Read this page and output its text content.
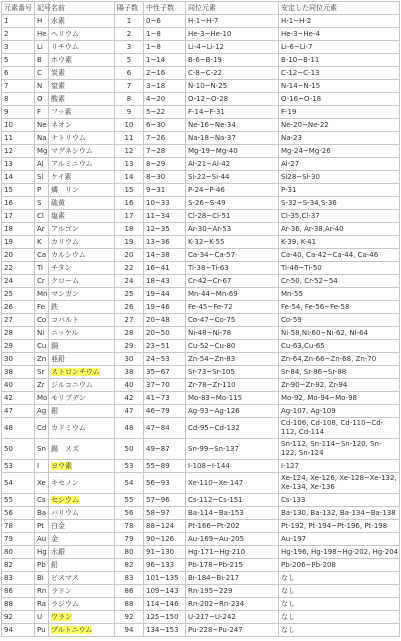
元素番号	記号	名前	陽子数	中性子数	同位元素	安定した同位元素
1	H	水素	1	0~6	H-1~H-7	H-1~H-2
2	He	ヘリウム	2	1~8	He-3~He-10	He-3~He-4
3	Li	リチウム	3	1~8	Li-4~Li-12	Li-6~Li-7
5	B	ホウ素	5	1~14	B-6~B-19	B-10~B-11
6	C	炭素	6	2~16	C-8~C-22	C-12~C-13
7	N	窒素	7	3~18	N-10~N-25	N-14~N-15
8	O	酸素	8	4~20	O-12~O-28	O-16~O-18
9	F	フッ素	9	5~22	F-14~F-31	F-19
10	Ne	ネオン	10	6~30	Ne-16~Ne-34	Ne-20~Ne-22
11	Na	ナトリウム	11	7~26	Na-18~Na-37	Na-23
12	Mg	マグネシウム	12	7~28	Mg-19~Mg-40	Mg-24~Mg-26
13	Al	アルミニウム	13	8~29	Al-21~Al-42	Al-27
14	Si	ケイ素	14	8~30	Si-22~Si-44	Si28~Si-30
15	P	燐　リン	15	9~31	P-24~P-46	P-31
16	S	硫黄	16	10~33	S-26~S-49	S-32~S-34,S-36
17	Cl	塩素	17	11~34	Cl-28~Cl-51	Cl-35,Cl-37
18	Ar	アルゴン	18	12~35	Ar-30~Ar-53	Ar-36, Ar-38,Ar-40
19	K	カリウム	19	13~36	K-32~K-55	K-39, K-41
20	Ca	カルシウム	20	14~38	Ca-34~Ca-57	Ca-40, Ca-42~Ca-44, Ca-46
22	Ti	チタン	22	16~41	Ti-38~Ti-63	Ti-46~Ti-50
24	Cr	クローム	24	18~43	Cr-42~Cr-67	Cr-50, Cr-52~54
25	Mn	マンガン	25	19~44	Mn-44~Mn-69	Mn-55
26	Fe	鉄	26	19~46	Fe-45~Fe-72	Fe-54, Fe-56~Fe-58
27	Co	コバルト	27	20~48	Co-47~Co-75	Co-59
28	Ni	ニッケル	28	20~50	Ni-48~Ni-78	Ni-58,Ni-60~Ni-62, Ni-64
29	Cu	銅	29	23~51	Cu-52~Cu-80	Cu-63,Cu-65
30	Zn	亜鉛	30	24~53	Zn-54~Zn-83	Zn-64,Zn-66~Zn-68, Zn-70
38	Sr	ストロンチウム	38	35~67	Sr-73~Sr-105	Sr-84, Sr-86~Sr-88
40	Zr	ジルコニウム	40	37~70	Zr-78~Zr-110	Zr-90~Zr-92, Zr-94
42	Mo	モリブデン	42	41~73	Mo-83~Mo-115	Mo-92, Mo-94~Mo-98
47	Ag	銀	47	46~79	Ag-93~Ag-126	Ag-107, Ag-109
48	Cd	カドミウム	48	47~84	Cd-95~Cd-132	Cd-106, Cd-108, Cd-110~Cd-112, Cd-114
50	Sn	錫　スズ	50	49~87	Sn-99~Sn-137	Sn-112, Sn-114~Sn-120, Sn-122, Sn-124
53	I	ヨウ素	53	55~89	I-108~I-144	I-127
54	Xe	キセノン	54	56~93	Xe-110~Xe-147	Xe-124, Xe-126, Xe-128~Xe-132, Xe-134, Xe-136
55	Cs	セシウム	55	57~96	Cs-112~Cs-151	Cs-133
56	Ba	バリウム	56	58~97	Ba-114~Ba-153	Ba-130, Ba-132, Ba-134~Ba-138
78	Pt	白金	78	88~124	Pt-166~Pt-202	Pt-192, Pt-194~Pt-196, Pt-198
79	Au	金	79	90~126	Au-169~Au-205	Au-197
80	Hg	水銀	80	91~130	Hg-171~Hg-210	Hg-196, Hg-198~Hg-202, Hg-204
82	Pb	鉛	82	96~133	Pb-178~Pb-215	Pb-206~Pb-208
83	Bi	ビスマス	83	101~135	Bi-184~Bi-217	なし
86	Rn	ラドン	86	109~143	Rn-195~229	なし
88	Ra	ラジウム	88	114~146	Rn-202~Rn-234	なし
92	U	ウラン	92	125~150	U-217~U-242	なし
94	Pu	プルトニウム	94	134~153	Pu-228~Pu-247	なし
